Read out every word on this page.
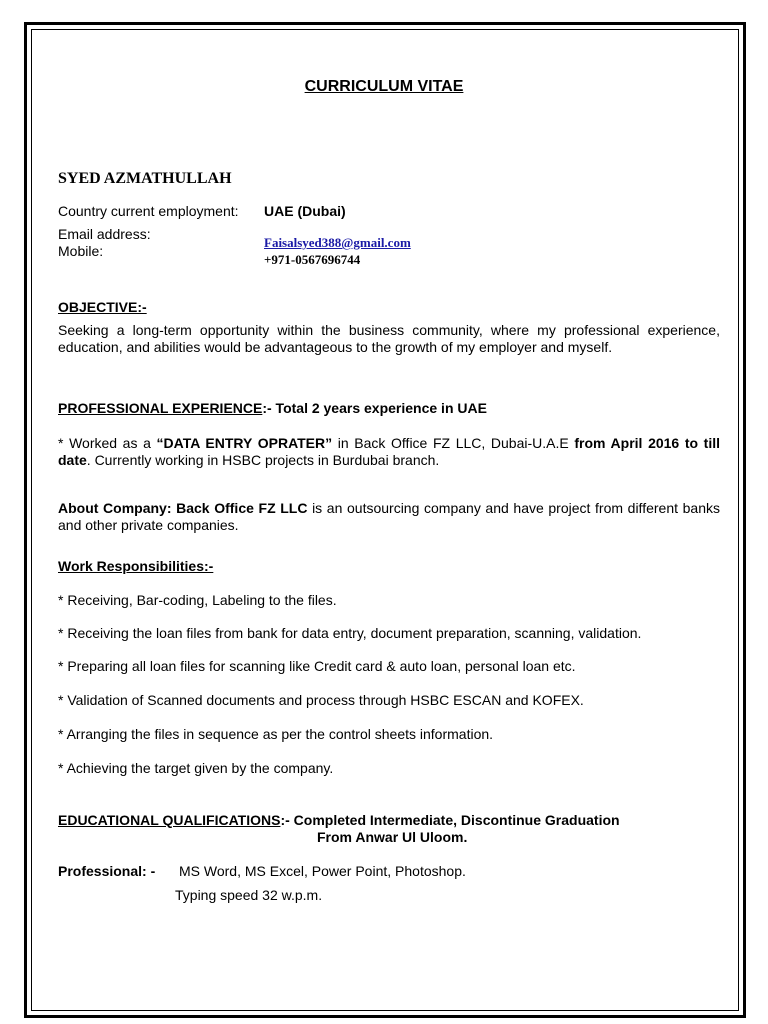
CURRICULUM VITAE

SYED AZMATHULLAH

Country current employment: UAE (Dubai)

Email address:

Mobile:

Faisalsyed388@gmail.com

+971-0567696744

OBJECTIVE:-

Seeking a long-term opportunity within the business community, where my professional experience, education, and abilities would be advantageous to the growth of my employer and myself.

PROFESSIONAL EXPERIENCE:- Total 2 years experience in UAE

* Worked as a “DATA ENTRY OPRATER” in Back Office FZ LLC, Dubai-U.A.E from April 2016 to till date. Currently working in HSBC projects in Burdubai branch.

About Company: Back Office FZ LLC is an outsourcing company and have project from different banks and other private companies.

Work Responsibilities:-

* Receiving, Bar-coding, Labeling to the files.

* Receiving the loan files from bank for data entry, document preparation, scanning, validation.

* Preparing all loan files for scanning like Credit card & auto loan, personal loan etc.

* Validation of Scanned documents and process through HSBC ESCAN and KOFEX.

* Arranging the files in sequence as per the control sheets information.

* Achieving the target given by the company.

EDUCATIONAL QUALIFICATIONS:- Completed Intermediate, Discontinue Graduation

From Anwar Ul Uloom.

Professional: - MS Word, MS Excel, Power Point, Photoshop.

Typing speed 32 w.p.m.
